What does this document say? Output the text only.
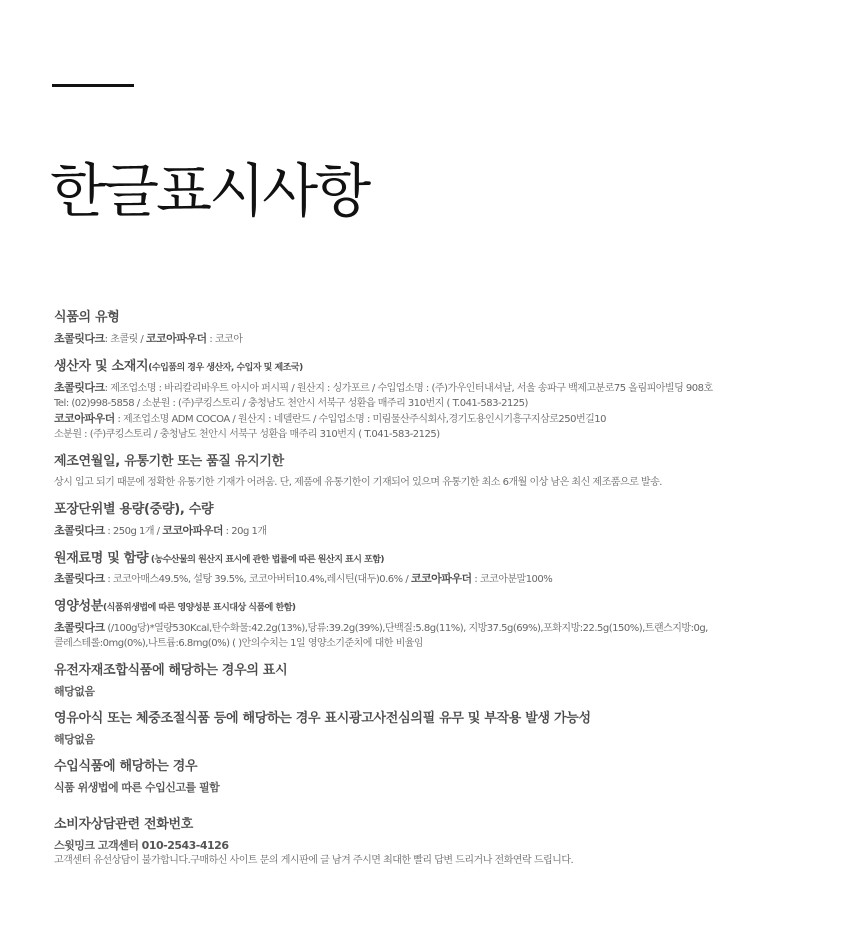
한글표시사항
식품의 유형
초콜릿다크: 초콜릿 / 코코아파우더 : 코코아
생산자 및 소재지(수입품의 경우 생산자, 수입자 및 제조국)
초콜릿다크: 제조업소명 : 바리칼리바우트 아시아 퍼시픽 / 원산지 : 싱가포르 / 수입업소명 : (주)가우인터내셔날, 서울 송파구 백제고분로75 올림피아빌딩 908호
Tel: (02)998-5858 / 소분원 : (주)쿠킹스토리 / 충청남도 천안시 서북구 성환읍 매주리 310번지 ( T.041-583-2125)
코코아파우더 : 제조업소명 ADM COCOA / 원산지 : 네델란드 / 수입업소명 : 미림물산주식회사,경기도용인시기흥구지삼로250번길10
소분원 : (주)쿠킹스토리 / 충청남도 천안시 서북구 성환읍 매주리 310번지 ( T.041-583-2125)
제조연월일, 유통기한 또는 품질 유지기한
상시 입고 되기 때문에 정확한 유통기한 기재가 어려움. 단, 제품에 유통기한이 기재되어 있으며 유통기한 최소 6개월 이상 남은 최신 제조품으로 발송.
포장단위별 용량(중량), 수량
초콜릿다크 : 250g 1개 / 코코아파우더 : 20g 1개
원재료명 및 함량 (농수산물의 원산지 표시에 관한 법률에 따른 원산지 표시 포함)
초콜릿다크 : 코코아매스49.5%, 설탕 39.5%, 코코아버터10.4%,레시틴(대두)0.6% / 코코아파우더 : 코코아분말100%
영양성분(식품위생법에 따른 영양성분 표시대상 식품에 한함)
초콜릿다크 (/100g당)*열량530Kcal,탄수화물:42.2g(13%),당류:39.2g(39%),단백질:5.8g(11%), 지방37.5g(69%),포화지방:22.5g(150%),트랜스지방:0g,
콜레스테롤:0mg(0%),나트륨:6.8mg(0%) ( )안의수치는 1일 영양소기준치에 대한 비율임
유전자재조합식품에 해당하는 경우의 표시
해당없음
영유아식 또는 체중조절식품 등에 해당하는 경우 표시광고사전심의필 유무 및 부작용 발생 가능성
해당없음
수입식품에 해당하는 경우
식품 위생법에 따른 수입신고를 필함
소비자상담관련 전화번호
스윗밍크 고객센터 010-2543-4126
고객센터 유선상담이 불가합니다.구매하신 사이트 문의 게시판에 글 남겨 주시면 최대한 빨리 답변 드리거나 전화연락 드립니다.
